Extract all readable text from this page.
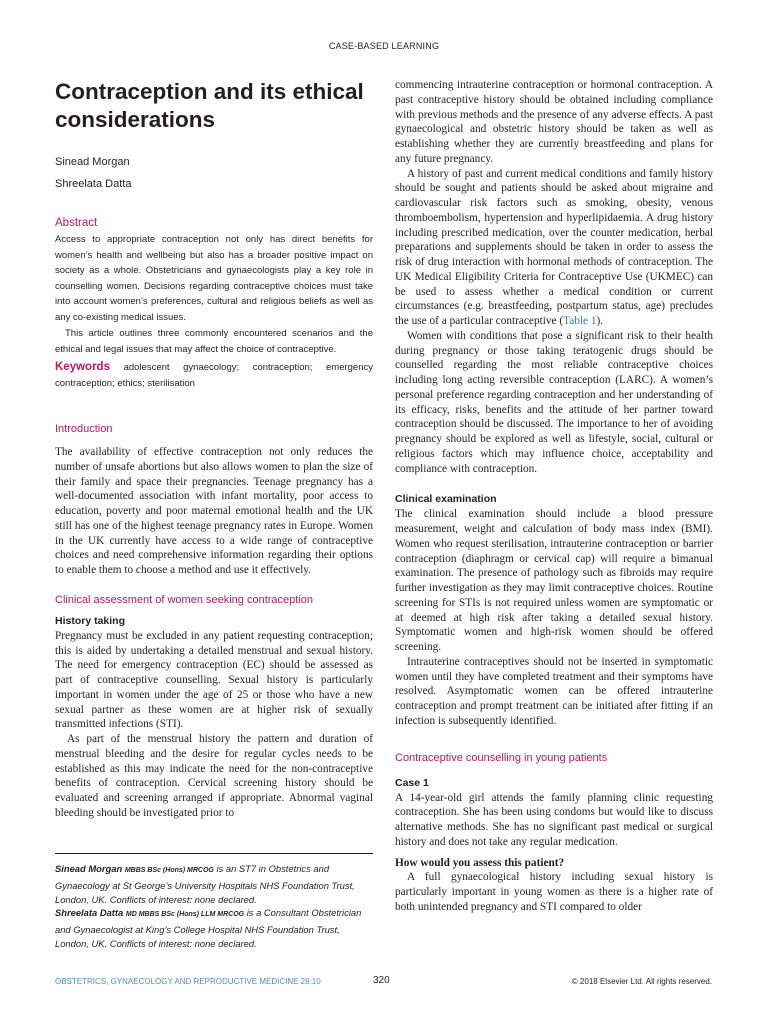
CASE-BASED LEARNING
Contraception and its ethical considerations
Sinead Morgan
Shreelata Datta
Abstract

Access to appropriate contraception not only has direct benefits for women’s health and wellbeing but also has a broader positive impact on society as a whole. Obstetricians and gynaecologists play a key role in counselling women. Decisions regarding contraceptive choices must take into account women’s preferences, cultural and religious beliefs as well as any co-existing medical issues.

This article outlines three commonly encountered scenarios and the ethical and legal issues that may affect the choice of contraceptive.

Keywords adolescent gynaecology; contraception; emergency contraception; ethics; sterilisation
Introduction

The availability of effective contraception not only reduces the number of unsafe abortions but also allows women to plan the size of their family and space their pregnancies. Teenage pregnancy has a well-documented association with infant mortality, poor access to education, poverty and poor maternal emotional health and the UK still has one of the highest teenage pregnancy rates in Europe. Women in the UK currently have access to a wide range of contraceptive choices and need comprehensive information regarding their options to enable them to choose a method and use it effectively.

Clinical assessment of women seeking contraception
History taking

Pregnancy must be excluded in any patient requesting contraception; this is aided by undertaking a detailed menstrual and sexual history. The need for emergency contraception (EC) should be assessed as part of contraceptive counselling. Sexual history is particularly important in women under the age of 25 or those who have a new sexual partner as these women are at higher risk of sexually transmitted infections (STI).

As part of the menstrual history the pattern and duration of menstrual bleeding and the desire for regular cycles needs to be established as this may indicate the need for the non-contraceptive benefits of contraception. Cervical screening history should be evaluated and screening arranged if appropriate. Abnormal vaginal bleeding should be investigated prior to

Sinead Morgan MBBS BSc (Hons) MRCOG is an ST7 in Obstetrics and Gynaecology at St George’s University Hospitals NHS Foundation Trust, London, UK. Conflicts of interest: none declared.
Shreelata Datta MD MBBS BSc (Hons) LLM MRCOG is a Consultant Obstetrician and Gynaecologist at King’s College Hospital NHS Foundation Trust, London, UK. Conflicts of interest: none declared.

commencing intrauterine contraception or hormonal contraception. A past contraceptive history should be obtained including compliance with previous methods and the presence of any adverse effects. A past gynaecological and obstetric history should be taken as well as establishing whether they are currently breastfeeding and plans for any future pregnancy.

A history of past and current medical conditions and family history should be sought and patients should be asked about migraine and cardiovascular risk factors such as smoking, obesity, venous thromboembolism, hypertension and hyperlipidaemia. A drug history including prescribed medication, over the counter medication, herbal preparations and supplements should be taken in order to assess the risk of drug interaction with hormonal methods of contraception. The UK Medical Eligibility Criteria for Contraceptive Use (UKMEC) can be used to assess whether a medical condition or current circumstances (e.g. breastfeeding, postpartum status, age) precludes the use of a particular contraceptive (Table 1).

Women with conditions that pose a significant risk to their health during pregnancy or those taking teratogenic drugs should be counselled regarding the most reliable contraceptive choices including long acting reversible contraception (LARC). A women’s personal preference regarding contraception and her understanding of its efficacy, risks, benefits and the attitude of her partner toward contraception should be discussed. The importance to her of avoiding pregnancy should be explored as well as lifestyle, social, cultural or religious factors which may influence choice, acceptability and compliance with contraception.

Clinical examination

The clinical examination should include a blood pressure measurement, weight and calculation of body mass index (BMI). Women who request sterilisation, intrauterine contraception or barrier contraception (diaphragm or cervical cap) will require a bimanual examination. The presence of pathology such as fibroids may require further investigation as they may limit contraceptive choices. Routine screening for STIs is not required unless women are symptomatic or at deemed at high risk after taking a detailed sexual history. Symptomatic women and high-risk women should be offered screening.

Intrauterine contraceptives should not be inserted in symptomatic women until they have completed treatment and their symptoms have resolved. Asymptomatic women can be offered intrauterine contraception and prompt treatment can be initiated after fitting if an infection is subsequently identified.

Contraceptive counselling in young patients
Case 1

A 14-year-old girl attends the family planning clinic requesting contraception. She has been using condoms but would like to discuss alternative methods. She has no significant past medical or surgical history and does not take any regular medication.

How would you assess this patient?

A full gynaecological history including sexual history is particularly important in young women as there is a higher rate of both unintended pregnancy and STI compared to older

OBSTETRICS, GYNAECOLOGY AND REPRODUCTIVE MEDICINE 28:10	320	© 2018 Elsevier Ltd. All rights reserved.
